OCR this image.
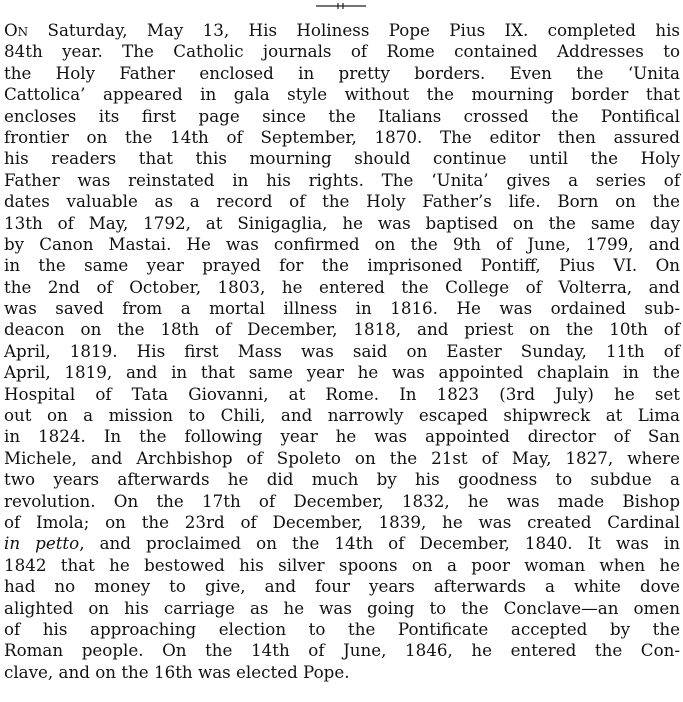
On Saturday, May 13, His Holiness Pope Pius IX. completed his
84th year. The Catholic journals of Rome contained Addresses to
the Holy Father enclosed in pretty borders. Even the ‘Unita
Cattolica’ appeared in gala style without the mourning border that
encloses its first page since the Italians crossed the Pontifical
frontier on the 14th of September, 1870. The editor then assured
his readers that this mourning should continue until the Holy
Father was reinstated in his rights. The ‘Unita’ gives a series of
dates valuable as a record of the Holy Father’s life. Born on the
13th of May, 1792, at Sinigaglia, he was baptised on the same day
by Canon Mastai. He was confirmed on the 9th of June, 1799, and
in the same year prayed for the imprisoned Pontiff, Pius VI. On
the 2nd of October, 1803, he entered the College of Volterra, and
was saved from a mortal illness in 1816. He was ordained sub-
deacon on the 18th of December, 1818, and priest on the 10th of
April, 1819. His first Mass was said on Easter Sunday, 11th of
April, 1819, and in that same year he was appointed chaplain in the
Hospital of Tata Giovanni, at Rome. In 1823 (3rd July) he set
out on a mission to Chili, and narrowly escaped shipwreck at Lima
in 1824. In the following year he was appointed director of San
Michele, and Archbishop of Spoleto on the 21st of May, 1827, where
two years afterwards he did much by his goodness to subdue a
revolution. On the 17th of December, 1832, he was made Bishop
of Imola; on the 23rd of December, 1839, he was created Cardinal
in petto, and proclaimed on the 14th of December, 1840. It was in
1842 that he bestowed his silver spoons on a poor woman when he
had no money to give, and four years afterwards a white dove
alighted on his carriage as he was going to the Conclave—an omen
of his approaching election to the Pontificate accepted by the
Roman people. On the 14th of June, 1846, he entered the Con-
clave, and on the 16th was elected Pope.
